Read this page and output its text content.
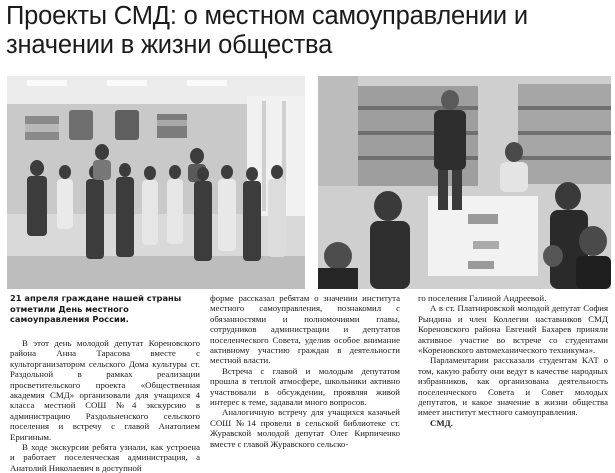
Проекты СМД: о местном самоуправлении и значении в жизни общества
21 апреля граждане нашей страны отметили День местного самоуправления России.

В этот день молодой депутат Кореновского района Анна Тарасова вместе с культорганизатором сельского Дома культуры ст. Раздольной в рамках реализации просветительского проекта «Общественная академия СМД» организовали для учащихся 4 класса местной СОШ №4 экскурсию в администрацию Раздольненского сельского поселения и встречу с главой Анатолием Еригиным.

В ходе экскурсии ребята узнали, как устроена и работает поселенческая администрация, а Анатолий Николаевич в доступной

форме рассказал ребятам о значении института местного самоуправления, познакомил с обязанностями и полномочиями главы, сотрудников администрации и депутатов поселенческого Совета, уделив особое внимание активному участию граждан в деятельности местной власти.

Встреча с главой и молодым депутатом прошла в теплой атмосфере, школьники активно участвовали в обсуждении, проявляя живой интерес к теме, задавали много вопросов.

Аналогичную встречу для учащихся казачьей СОШ №14 провели в сельской библиотеке ст. Журавской молодой депутат Олег Кирпиченко вместе с главой Журавского сельско-

го поселения Галиной Андреевой.

А в ст. Платнировской молодой депутат София Рындина и член Коллегии наставников СМД Кореновского района Евгений Бахарев приняли активное участие во встрече со студентами «Кореновского автомеханического техникума».

Парламентарии рассказали студентам КАТ о том, какую работу они ведут в качестве народных избранников, как организована деятельность поселенческого Совета и Совет молодых депутатов, и какое значение в жизни общества имеет институт местного самоуправления.

СМД.
